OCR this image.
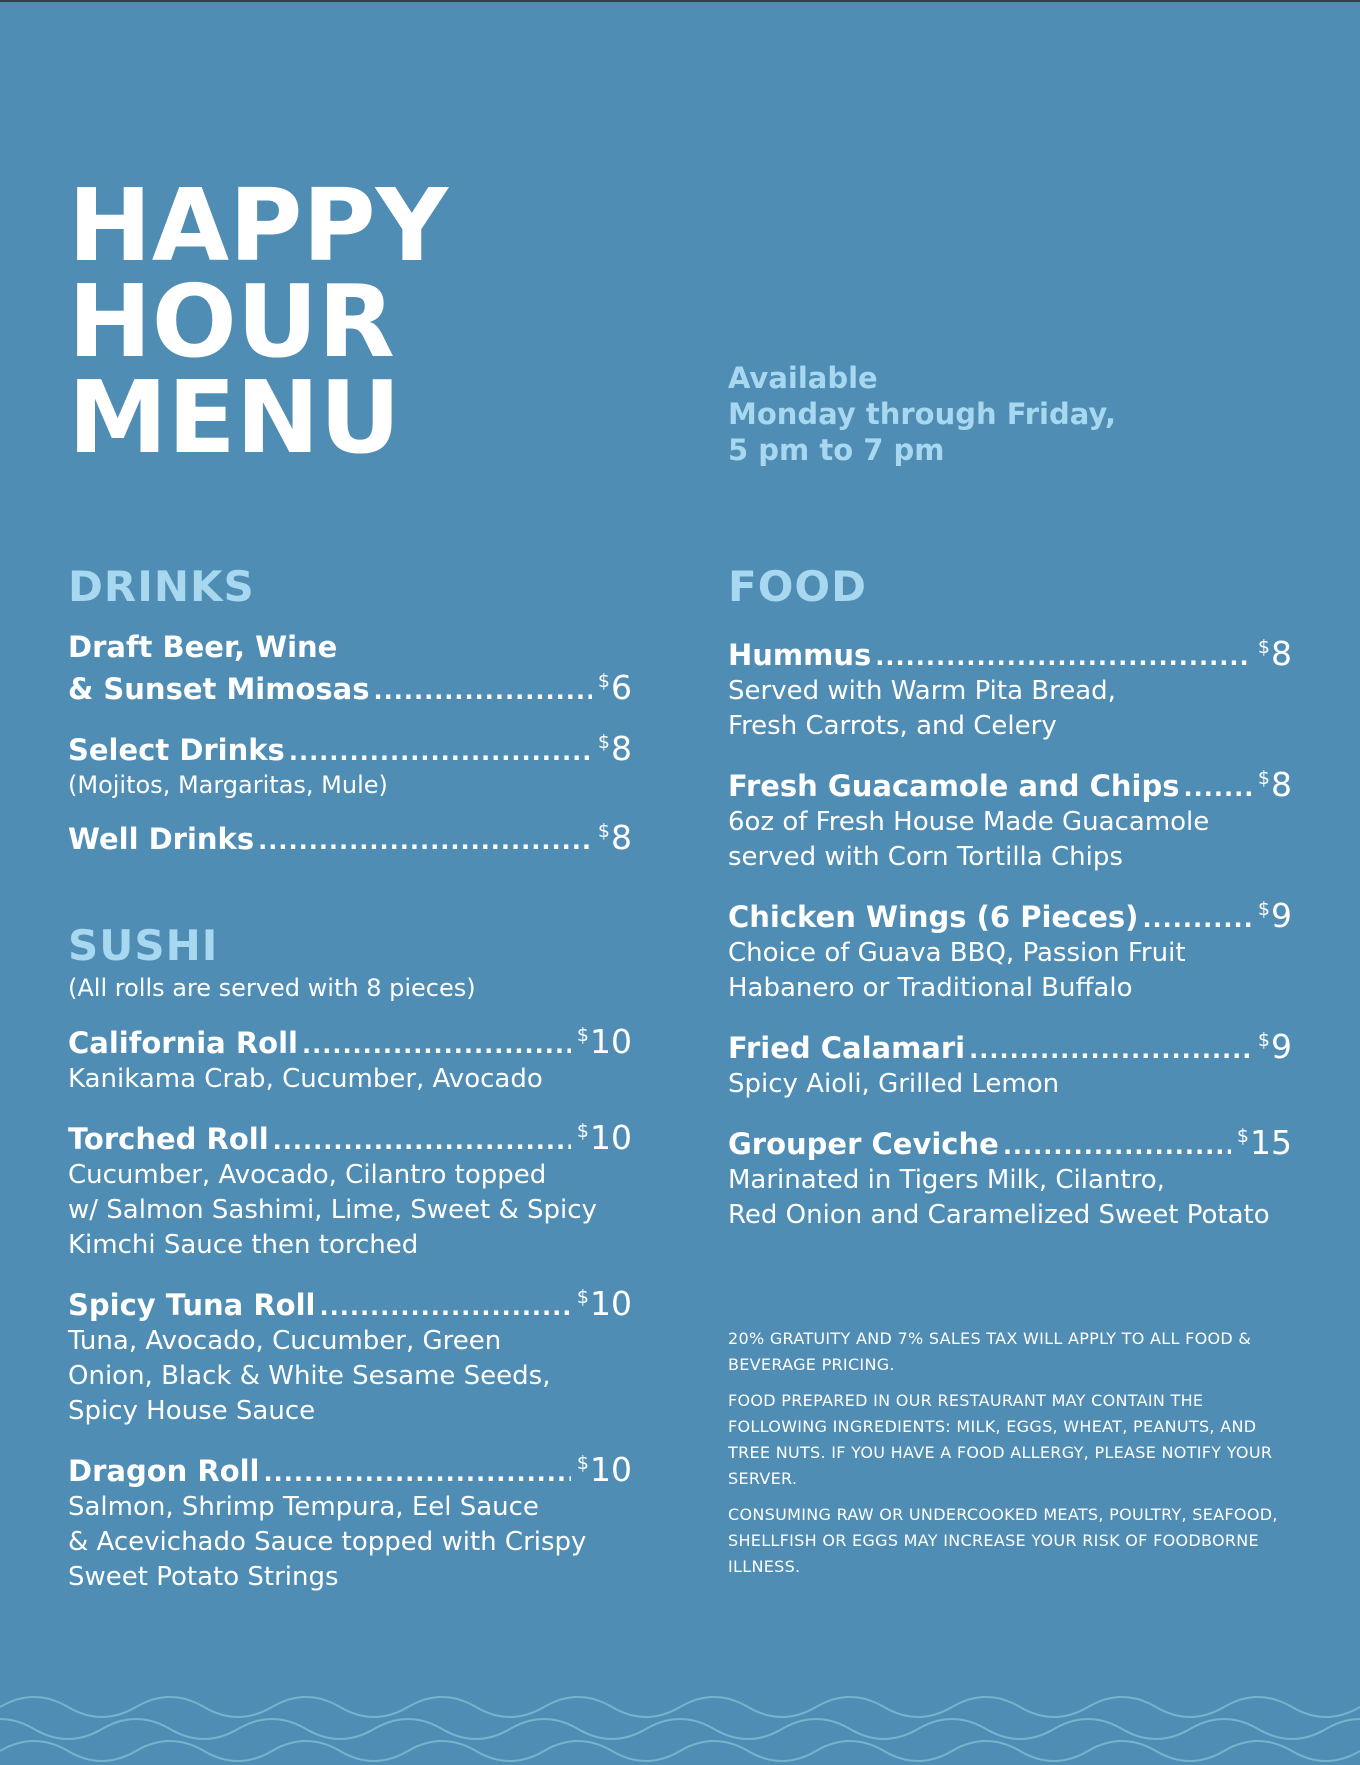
HAPPY
HOUR
MENU	Available
Monday through Friday,
5 pm to 7 pm
DRINKS
Draft Beer, Wine
& Sunset Mimosas .....	$6
Select Drinks .....	$8
(Mojitos, Margaritas, Mule)
Well Drinks .....	$8
SUSHI
(All rolls are served with 8 pieces)
California Roll .....	$10
Kanikama Crab, Cucumber, Avocado
Torched Roll .....	$10
Cucumber, Avocado, Cilantro topped
w/ Salmon Sashimi, Lime, Sweet & Spicy
Kimchi Sauce then torched
Spicy Tuna Roll .....	$10
Tuna, Avocado, Cucumber, Green
Onion, Black & White Sesame Seeds,
Spicy House Sauce
Dragon Roll .....	$10
Salmon, Shrimp Tempura, Eel Sauce
& Acevichado Sauce topped with Crispy
Sweet Potato Strings
FOOD
Hummus .....	$8
Served with Warm Pita Bread,
Fresh Carrots, and Celery
Fresh Guacamole and Chips .....	$8
6oz of Fresh House Made Guacamole
served with Corn Tortilla Chips
Chicken Wings (6 Pieces) .....	$9
Choice of Guava BBQ, Passion Fruit
Habanero or Traditional Buffalo
Fried Calamari .....	$9
Spicy Aioli, Grilled Lemon
Grouper Ceviche .....	$15
Marinated in Tigers Milk, Cilantro,
Red Onion and Caramelized Sweet Potato

20% GRATUITY AND 7% SALES TAX WILL APPLY TO ALL FOOD & BEVERAGE PRICING.

FOOD PREPARED IN OUR RESTAURANT MAY CONTAIN THE FOLLOWING INGREDIENTS: MILK, EGGS, WHEAT, PEANUTS, AND TREE NUTS. IF YOU HAVE A FOOD ALLERGY, PLEASE NOTIFY YOUR SERVER.

CONSUMING RAW OR UNDERCOOKED MEATS, POULTRY, SEAFOOD, SHELLFISH OR EGGS MAY INCREASE YOUR RISK OF FOODBORNE ILLNESS.
